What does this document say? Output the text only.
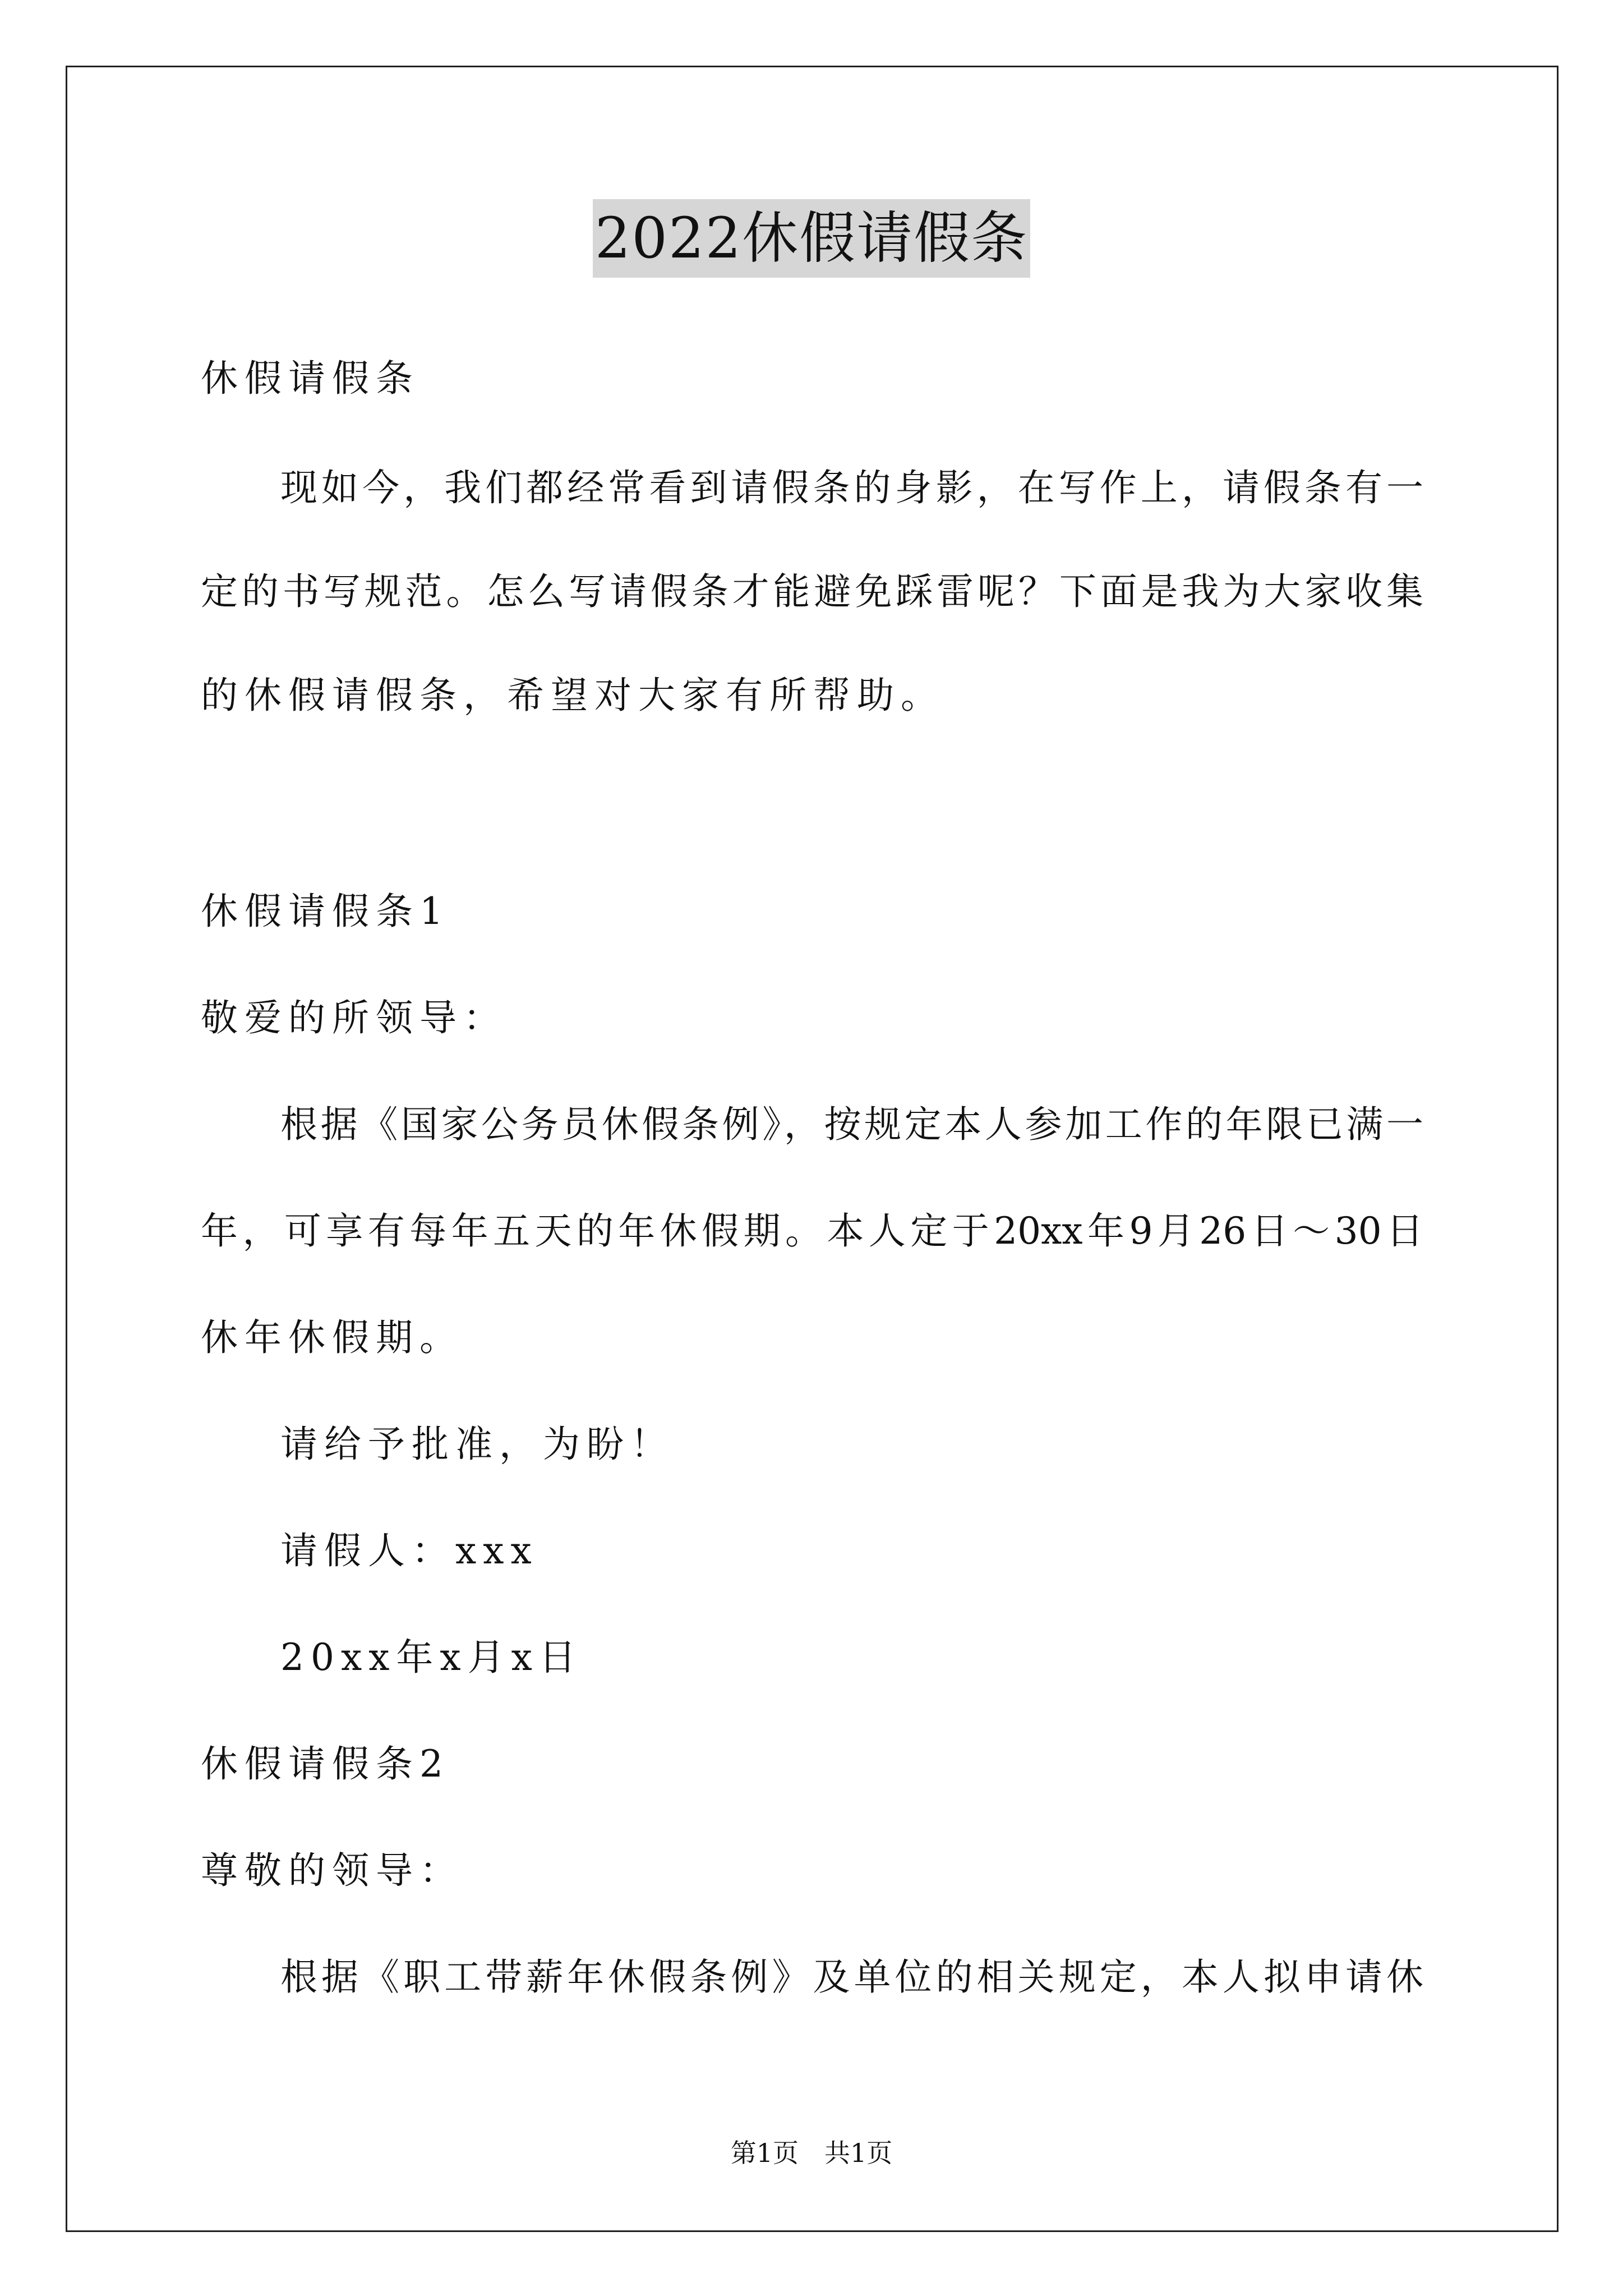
2022休假请假条
休假请假条
现如今，我们都经常看到请假条的身影，在写作上，请假条有一
定的书写规范。怎么写请假条才能避免踩雷呢？下面是我为大家收集
的休假请假条，希望对大家有所帮助。
休假请假条1
敬爱的所领导：
根据《国家公务员休假条例》，按规定本人参加工作的年限已满一
年，可享有每年五天的年休假期。本人定于20xx年9月26日～30日
休年休假期。
请给予批准，为盼！
请假人：xxx
20xx年x月x日
休假请假条2
尊敬的领导：
根据《职工带薪年休假条例》及单位的相关规定，本人拟申请休
第1页　共1页
